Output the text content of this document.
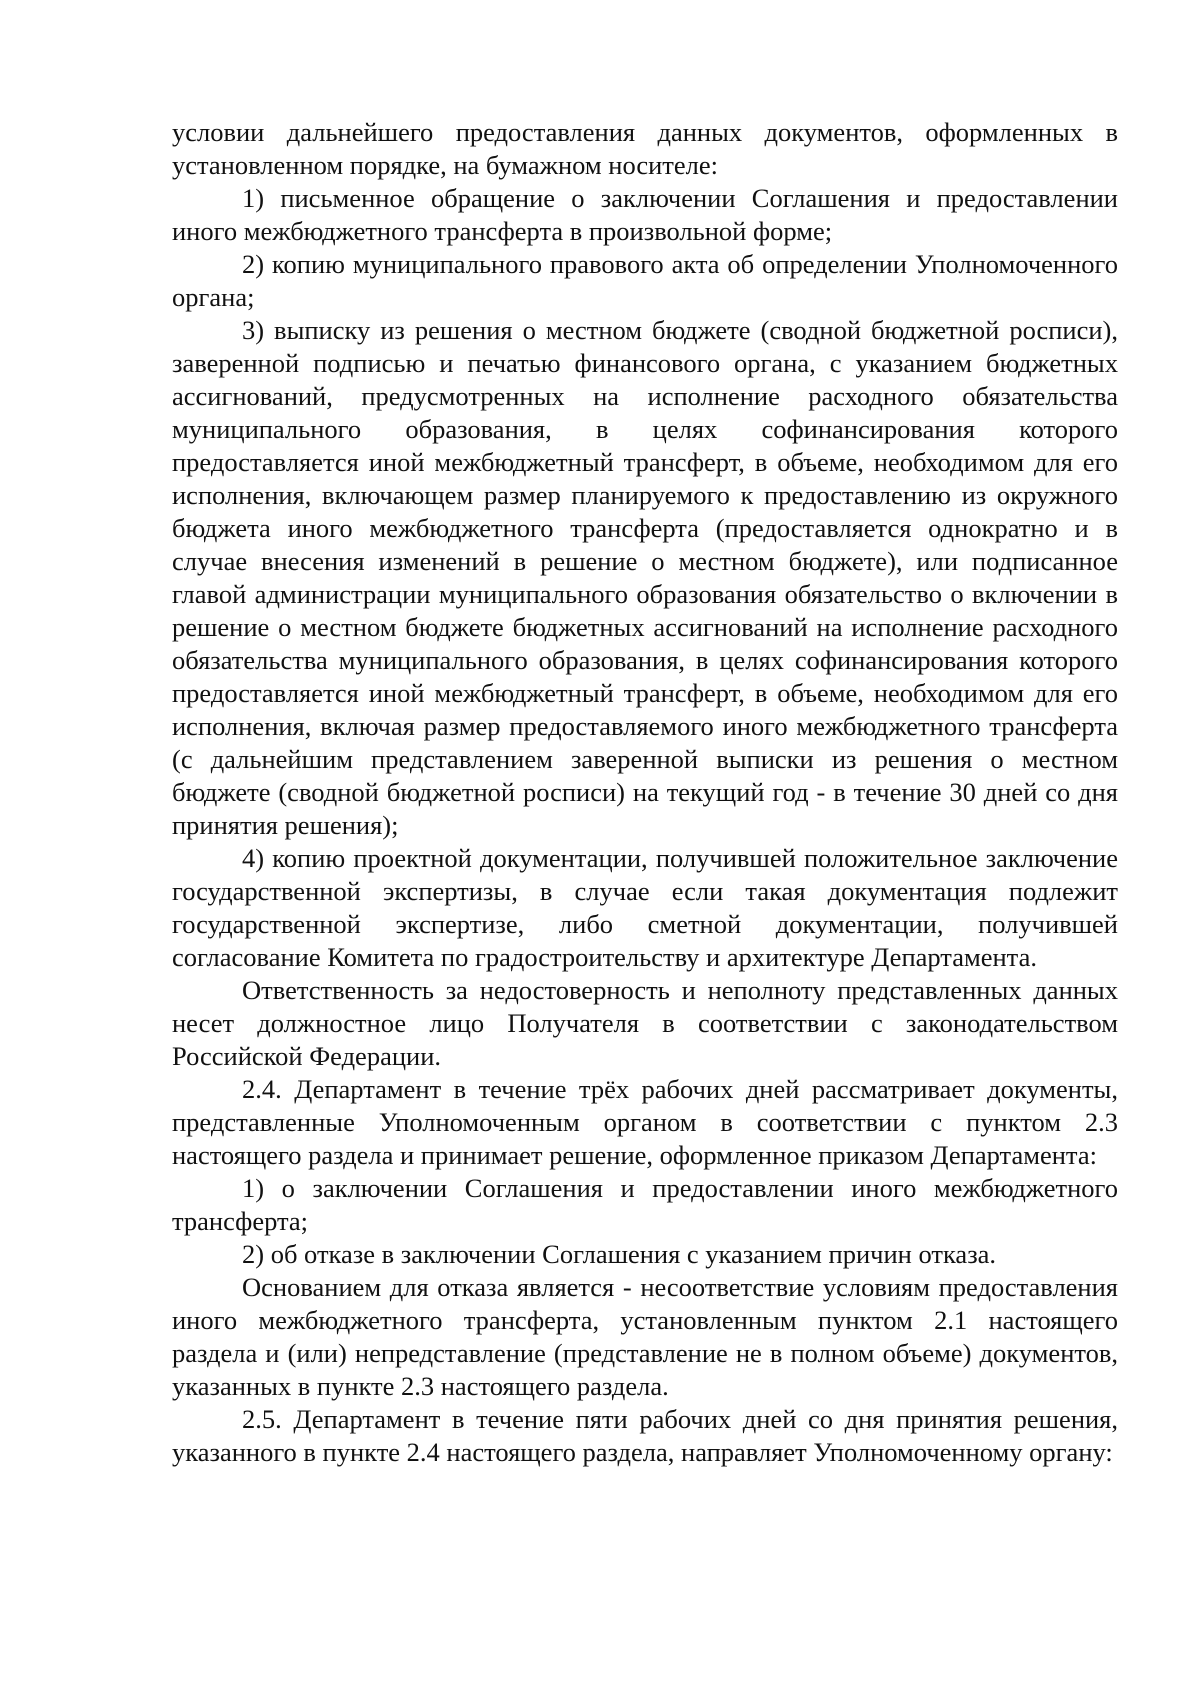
условии дальнейшего предоставления данных документов, оформленных в установленном порядке, на бумажном носителе:

1) письменное обращение о заключении Соглашения и предоставлении иного межбюджетного трансферта в произвольной форме;

2) копию муниципального правового акта об определении Уполномоченного органа;

3) выписку из решения о местном бюджете (сводной бюджетной росписи), заверенной подписью и печатью финансового органа, с указанием бюджетных ассигнований, предусмотренных на исполнение расходного обязательства муниципального образования, в целях софинансирования которого предоставляется иной межбюджетный трансферт, в объеме, необходимом для его исполнения, включающем размер планируемого к предоставлению из окружного бюджета иного межбюджетного трансферта (предоставляется однократно и в случае внесения изменений в решение о местном бюджете), или подписанное главой администрации муниципального образования обязательство о включении в решение о местном бюджете бюджетных ассигнований на исполнение расходного обязательства муниципального образования, в целях софинансирования которого предоставляется иной межбюджетный трансферт, в объеме, необходимом для его исполнения, включая размер предоставляемого иного межбюджетного трансферта (с дальнейшим представлением заверенной выписки из решения о местном бюджете (сводной бюджетной росписи) на текущий год - в течение 30 дней со дня принятия решения);

4) копию проектной документации, получившей положительное заключение государственной экспертизы, в случае если такая документация подлежит государственной экспертизе, либо сметной документации, получившей согласование Комитета по градостроительству и архитектуре Департамента.

Ответственность за недостоверность и неполноту представленных данных несет должностное лицо Получателя в соответствии с законодательством Российской Федерации.

2.4. Департамент в течение трёх рабочих дней рассматривает документы, представленные Уполномоченным органом в соответствии с пунктом 2.3 настоящего раздела и принимает решение, оформленное приказом Департамента:

1) о заключении Соглашения и предоставлении иного межбюджетного трансферта;

2) об отказе в заключении Соглашения с указанием причин отказа.

Основанием для отказа является - несоответствие условиям предоставления иного межбюджетного трансферта, установленным пунктом 2.1 настоящего раздела и (или) непредставление (представление не в полном объеме) документов, указанных в пункте 2.3 настоящего раздела.

2.5. Департамент в течение пяти рабочих дней со дня принятия решения, указанного в пункте 2.4 настоящего раздела, направляет Уполномоченному органу:
